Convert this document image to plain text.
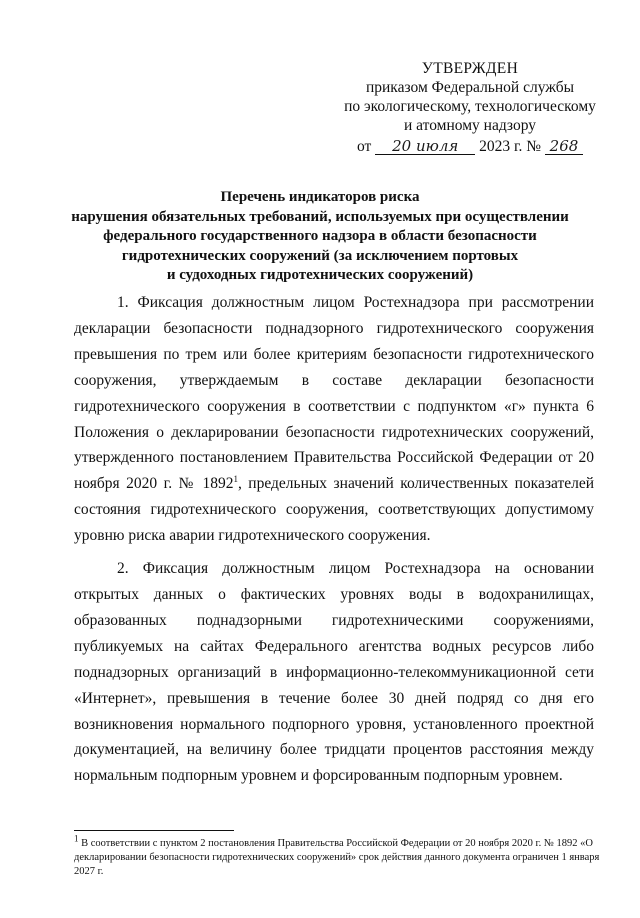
УТВЕРЖДЕН
приказом Федеральной службы
по экологическому, технологическому
и атомному надзору
от
	20 июля
	2023 г. №
268
Перечень индикаторов риска
нарушения обязательных требований, используемых при осуществлении
федерального государственного надзора в области безопасности
гидротехнических сооружений (за исключением портовых
и судоходных гидротехнических сооружений)

1. Фиксация должностным лицом Ростехнадзора при рассмотрении декларации безопасности поднадзорного гидротехнического сооружения превышения по трем или более критериям безопасности гидротехнического сооружения, утверждаемым в составе декларации безопасности гидротехнического сооружения в соответствии с подпунктом «г» пункта 6 Положения о декларировании безопасности гидротехнических сооружений, утвержденного постановлением Правительства Российской Федерации от 20 ноября 2020 г. № 1892$^1$, предельных значений количественных показателей состояния гидротехнического сооружения, соответствующих допустимому уровню риска аварии гидротехнического сооружения.

2. Фиксация должностным лицом Ростехнадзора на основании открытых данных о фактических уровнях воды в водохранилищах, образованных поднадзорными гидротехническими сооружениями, публикуемых на сайтах Федерального агентства водных ресурсов либо поднадзорных организаций в информационно-телекоммуникационной сети «Интернет», превышения в течение более 30 дней подряд со дня его возникновения нормального подпорного уровня, установленного проектной документацией, на величину более тридцати процентов расстояния между нормальным подпорным уровнем и форсированным подпорным уровнем.

$^1$ В соответствии с пунктом 2 постановления Правительства Российской Федерации от 20 ноября 2020 г. № 1892 «О декларировании безопасности гидротехнических сооружений» срок действия данного документа ограничен 1 января 2027 г.
